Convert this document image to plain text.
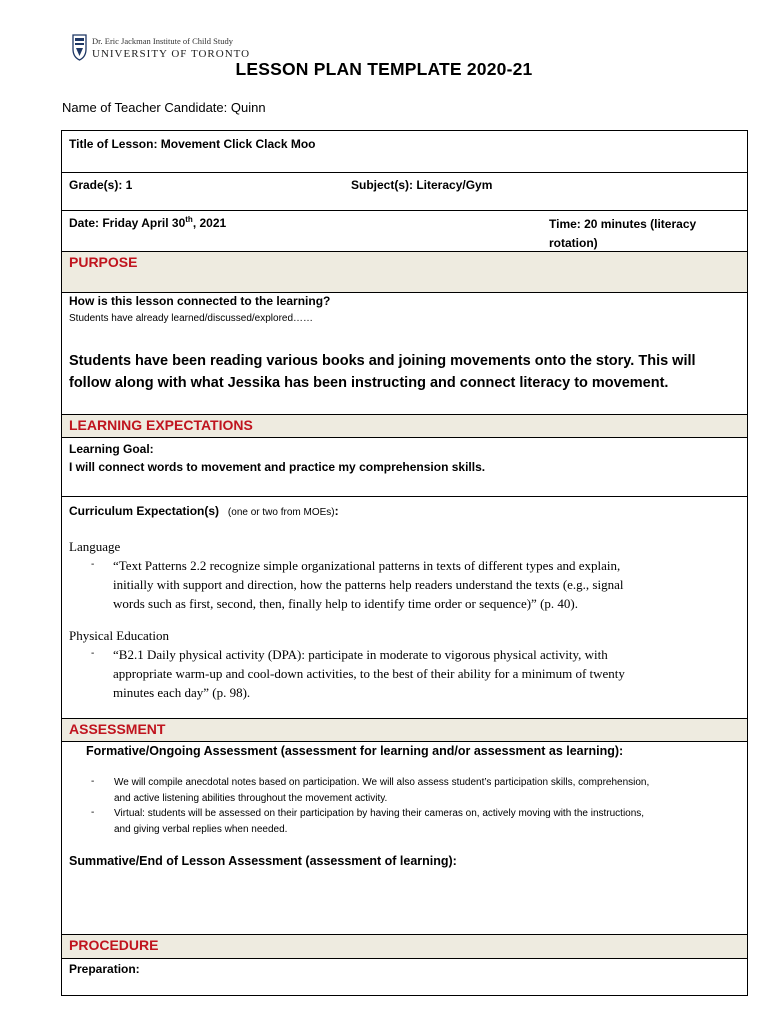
Dr. Eric Jackman Institute of Child Study
UNIVERSITY OF TORONTO
LESSON PLAN TEMPLATE 2020-21
Name of Teacher Candidate: Quinn
Title of Lesson: Movement Click Clack Moo
Grade(s): 1	Subject(s): Literacy/Gym
Date: Friday April 30th, 2021	Time: 20 minutes (literacy
rotation)
PURPOSE
How is this lesson connected to the learning?
Students have already learned/discussed/explored……
Students have been reading various books and joining movements onto the story. This will
follow along with what Jessika has been instructing and connect literacy to movement.
LEARNING EXPECTATIONS
Learning Goal:
I will connect words to movement and practice my comprehension skills.
Curriculum Expectation(s) (one or two from MOEs):
Language
- “Text Patterns 2.2 recognize simple organizational patterns in texts of different types and explain,
initially with support and direction, how the patterns help readers understand the texts (e.g., signal
words such as first, second, then, finally help to identify time order or sequence)” (p. 40).
Physical Education
- “B2.1 Daily physical activity (DPA): participate in moderate to vigorous physical activity, with
appropriate warm-up and cool-down activities, to the best of their ability for a minimum of twenty
minutes each day” (p. 98).
ASSESSMENT
Formative/Ongoing Assessment (assessment for learning and/or assessment as learning):
- We will compile anecdotal notes based on participation. We will also assess student’s participation skills, comprehension,
and active listening abilities throughout the movement activity.
- Virtual: students will be assessed on their participation by having their cameras on, actively moving with the instructions,
and giving verbal replies when needed.
Summative/End of Lesson Assessment (assessment of learning):
PROCEDURE
Preparation:
